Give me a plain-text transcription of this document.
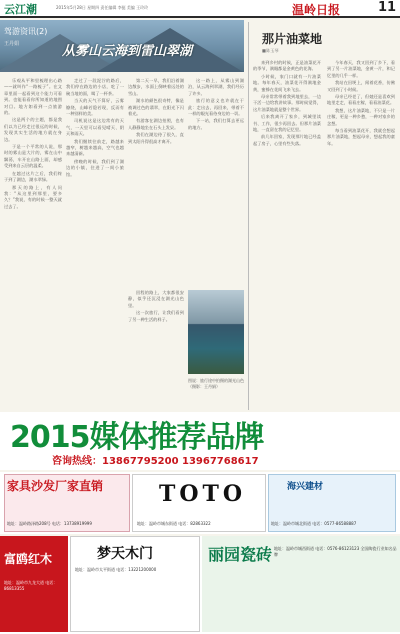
云江潮	2015年5月28日 星期四 责任编辑 李挺 美编 王玲玲	温岭日报	11
驾游资讯(2)
王丹娟	从雾山云海到雷山翠湖

乐观从平和里梳理出心路——就叫作“一路梳子”。在文章里面一起看到这个能力可看到。也能看看你所知道的地图对目。地方如看到一点旅游的。

这是两个的主题，都是我们以为已经走过很远的时候，发现其实生活的地方就在身边。

于是一个平常的人说，那时的雾山是大片的，雾在山中飘荡，车开在山路上面，却感受到来自云层的温柔。

在越过这片之后，我们终于到了湖边，湖水翠绿。

那天的路上，有人问我：“从这里到那里，要多久？”我说，有的时候一整天就过去了。

走过了一段泥泞的路后，我们停在路边的小店，吃了一碗当地的面，喝了一杯茶。

当天的天气不算好，云雾缭绕，山峰若隐若现，反而有一种别样的美。

司机说这是这边常有的天气，一天里可以看见晴天、阴天和雨天。

我们继续往前走，路越来越窄，树越来越高，空气也越来越清新。

傍晚的时候，我们到了湖边的小镇，住进了一间小旅馆。

第二天一早，我们沿着湖边散步，水面上倒映着远处的雪山。

湖水的颜色很奇特，像是被调过色的翡翠，在阳光下闪着光。

有游客在湖边拍照，也有人静静地坐在石头上发呆。

我们在湖边待了很久，直到太阳升得很高才离开。

回程的路上，大家都很安静，似乎还沉浸在湖光山色里。

这一次旅行，让我们看到了另一种生活的样子。

这一路上，从雾山到湖泊，从云海到翠湖，我们经历了许多。

旅行的意义也许就在于此：走出去，再回来，带着不一样的眼光看待身边的一切。

下一站，我们打算去更远的地方。

图说：旅行途中拍摄的湖光山色（摄影：王丹娟）
那片油菜地
■陈玉琴

来到乡村的时候，正是油菜花开的季节，满眼都是金黄色的花海。

小时候，家门口就有一片油菜地。每年春天，油菜花开得满地金黄，蜜蜂在花间飞来飞去。

母亲常常带着我到地里去，一边干活一边给我讲故事。那时候觉得，这片油菜地就是整个世界。

后来我离开了家乡，到城里读书、工作，很少再回去。但那片油菜地，一直留在我的记忆里。

前几年回家，发现那片地已经盖起了房子，心里有些失落。

今年春天，我又回到了乡下，看到了另一片油菜地，金黄一片，和记忆里的几乎一样。

我站在田埂上，闻着花香，仿佛又回到了小时候。

母亲已经老了，但她还是喜欢到地里走走，看看庄稼，看看油菜花。

我想，这片油菜地，不只是一片庄稼，更是一种乡愁，一种对家乡的念想。

每当看到油菜花开，我就会想起那片油菜地，想起母亲，想起我的童年。

2015媒体推荐品牌
咨询热线：13867795200 13967768617
家具沙发厂家直销
地址：温岭路泽路208号 电话：13738919999
TOTO
地址：温岭市城东街道 电话：82863322
海兴建材
地址：温岭市城北街道 电话：0577-86588887
富鸥红木
地址：温岭市九龙大道 电话：86813355
梦天木门
地址：温岭市太平街道 电话：13221200000
丽园瓷砖 地址：温岭市城西街道 电话：0576-86123123 全国陶瓷行业知名品牌
